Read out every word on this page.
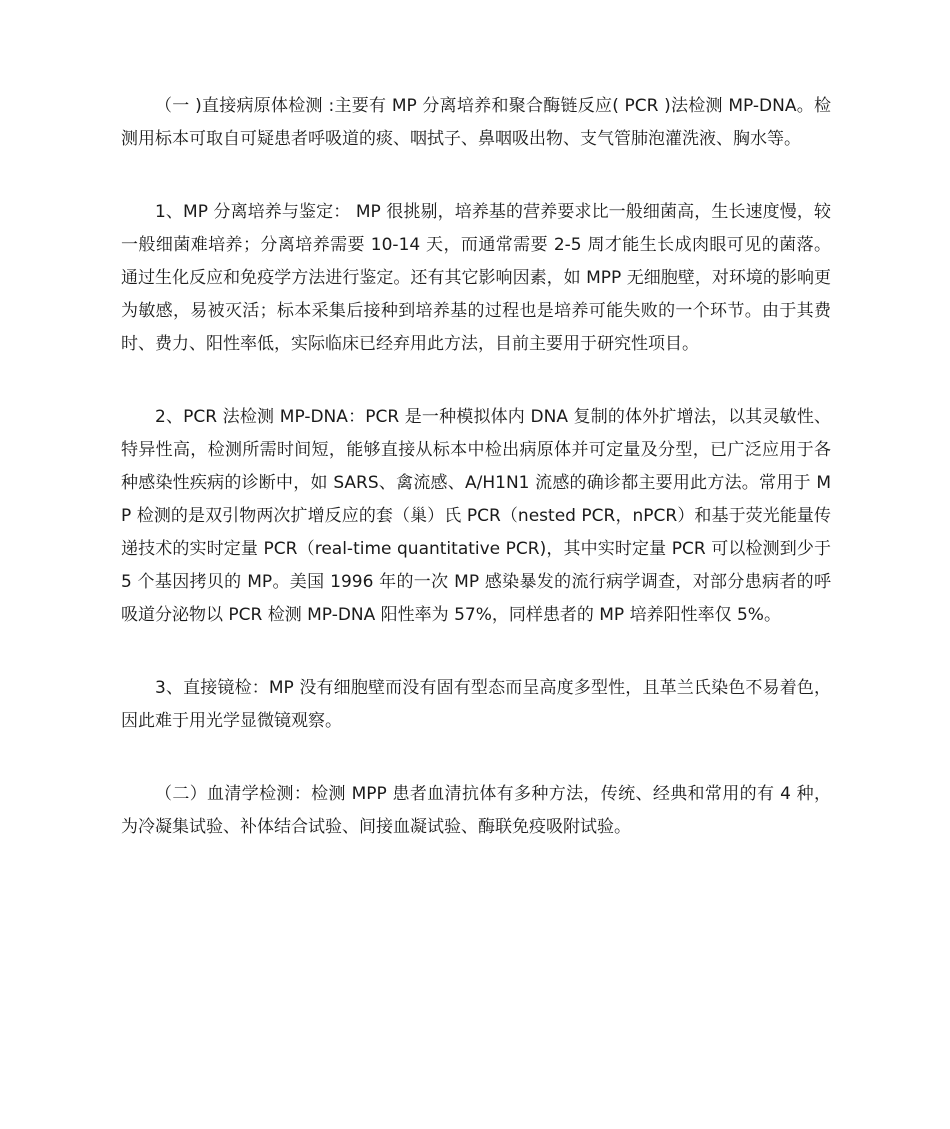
（一 )直接病原体检测 :主要有 MP 分离培养和聚合酶链反应( PCR )法检测 MP-DNA。检测用标本可取自可疑患者呼吸道的痰、咽拭子、鼻咽吸出物、支气管肺泡灌洗液、胸水等。

1、MP 分离培养与鉴定： MP 很挑剔，培养基的营养要求比一般细菌高，生长速度慢，较一般细菌难培养；分离培养需要 10-14 天，而通常需要 2-5 周才能生长成肉眼可见的菌落。通过生化反应和免疫学方法进行鉴定。还有其它影响因素，如 MPP 无细胞壁，对环境的影响更为敏感，易被灭活；标本采集后接种到培养基的过程也是培养可能失败的一个环节。由于其费时、费力、阳性率低，实际临床已经弃用此方法，目前主要用于研究性项目。

2、PCR 法检测 MP-DNA：PCR 是一种模拟体内 DNA 复制的体外扩增法，以其灵敏性、特异性高，检测所需时间短，能够直接从标本中检出病原体并可定量及分型，已广泛应用于各种感染性疾病的诊断中，如 SARS、禽流感、A/H1N1 流感的确诊都主要用此方法。常用于 MP 检测的是双引物两次扩增反应的套（巢）氏 PCR（nested PCR，nPCR）和基于荧光能量传递技术的实时定量 PCR（real-time quantitative PCR)，其中实时定量 PCR 可以检测到少于 5 个基因拷贝的 MP。美国 1996 年的一次 MP 感染暴发的流行病学调查，对部分患病者的呼吸道分泌物以 PCR 检测 MP-DNA 阳性率为 57%，同样患者的 MP 培养阳性率仅 5%。

3、直接镜检：MP 没有细胞壁而没有固有型态而呈高度多型性，且革兰氏染色不易着色，因此难于用光学显微镜观察。

（二）血清学检测：检测 MPP 患者血清抗体有多种方法，传统、经典和常用的有 4 种，为冷凝集试验、补体结合试验、间接血凝试验、酶联免疫吸附试验。
